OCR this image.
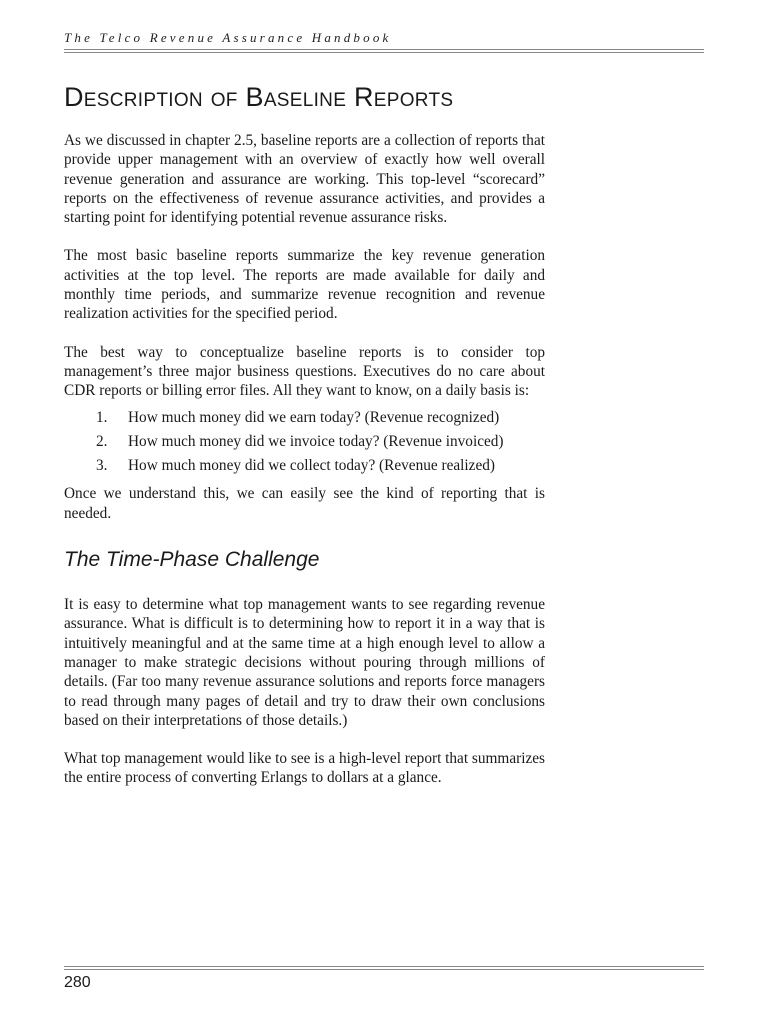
The Telco Revenue Assurance Handbook
Description of Baseline Reports

As we discussed in chapter 2.5, baseline reports are a collection of reports that provide upper management with an overview of exactly how well overall revenue generation and assurance are working. This top-level “scorecard” reports on the effectiveness of revenue assurance activities, and provides a starting point for identifying potential revenue assurance risks.

The most basic baseline reports summarize the key revenue generation activities at the top level. The reports are made available for daily and monthly time periods, and summarize revenue recognition and revenue realization activities for the specified period.

The best way to conceptualize baseline reports is to consider top management’s three major business questions. Executives do no care about CDR reports or billing error files. All they want to know, on a daily basis is:

1. How much money did we earn today? (Revenue recognized)
2. How much money did we invoice today? (Revenue invoiced)
3. How much money did we collect today? (Revenue realized)

Once we understand this, we can easily see the kind of reporting that is needed.

The Time-Phase Challenge

It is easy to determine what top management wants to see regarding revenue assurance. What is difficult is to determining how to report it in a way that is intuitively meaningful and at the same time at a high enough level to allow a manager to make strategic decisions without pouring through millions of details. (Far too many revenue assurance solutions and reports force managers to read through many pages of detail and try to draw their own conclusions based on their interpretations of those details.)

What top management would like to see is a high-level report that summarizes the entire process of converting Erlangs to dollars at a glance.

280
